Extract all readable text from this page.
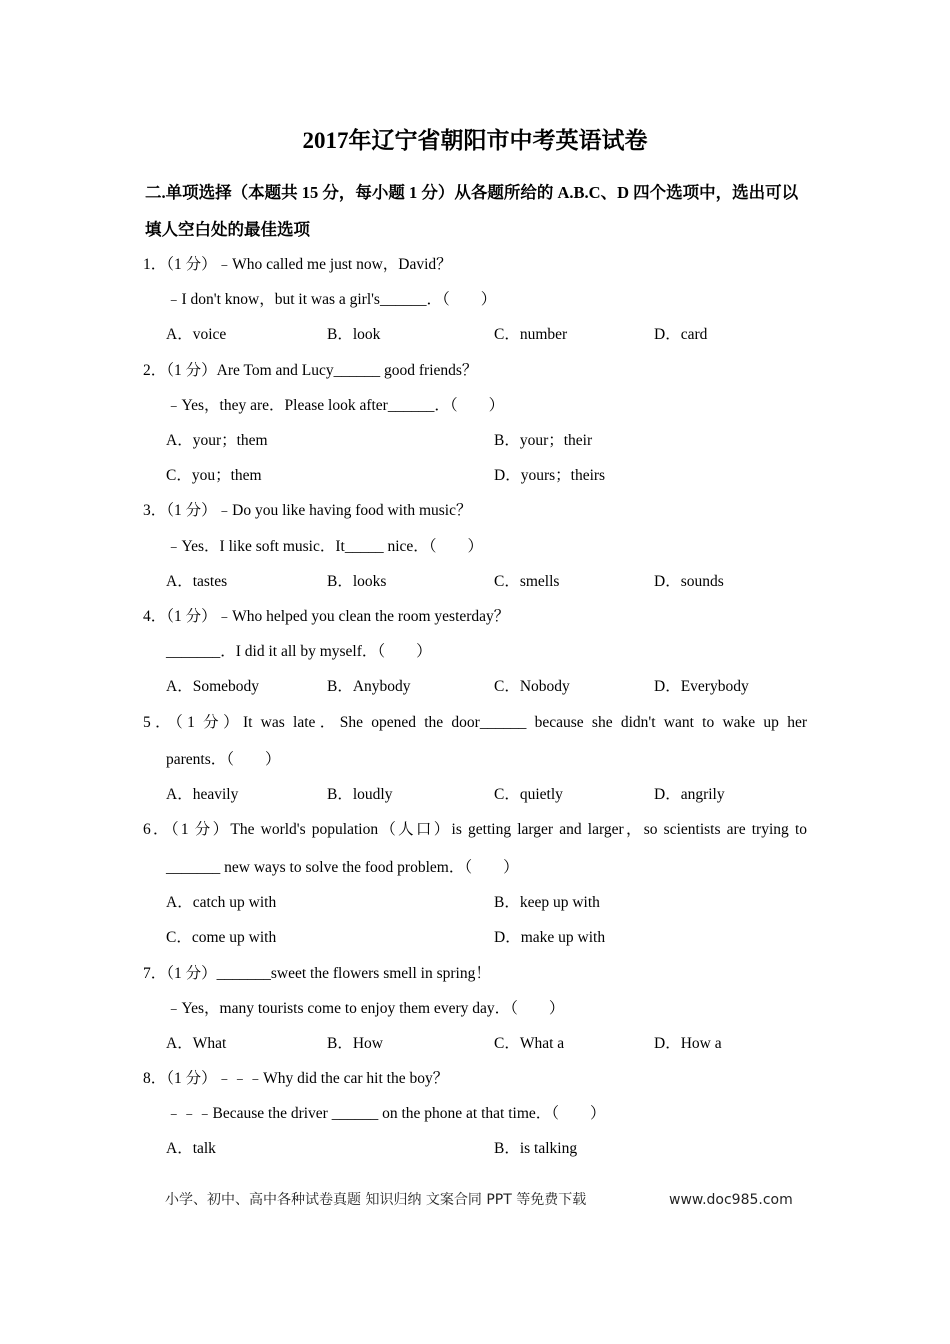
2017年辽宁省朝阳市中考英语试卷
二.单项选择（本题共 15 分，每小题 1 分）从各题所给的 A.B.C、D 四个选项中，选出可以
填人空白处的最佳选项
1．（1 分）﹣Who called me just now，David？
﹣I don't know，but it was a girl's______．（　　）
A．voice	B．look	C．number	D．card
2．（1 分）Are Tom and Lucy______ good friends？
﹣Yes，they are．Please look after______．（　　）
A．your；them	B．your；their
C．you；them	D．yours；theirs
3．（1 分）﹣Do you like having food with music？
﹣Yes．I like soft music．It_____ nice．（　　）
A．tastes	B．looks	C．smells	D．sounds
4．（1 分）﹣Who helped you clean the room yesterday？
_______．I did it all by myself．（　　）
A．Somebody	B．Anybody	C．Nobody	D．Everybody
5．（1 分）It was late．She opened the door______ because she didn't want to wake up her
parents．（　　）
A．heavily	B．loudly	C．quietly	D．angrily
6．（1 分）The world's population（人口）is getting larger and larger，so scientists are trying to
_______ new ways to solve the food problem．（　　）
A．catch up with	B．keep up with
C．come up with	D．make up with
7．（1 分）_______sweet the flowers smell in spring！
﹣Yes，many tourists come to enjoy them every day．（　　）
A．What	B．How	C．What a	D．How a
8．（1 分）﹣﹣﹣Why did the car hit the boy？
﹣﹣﹣Because the driver ______ on the phone at that time．（　　）
A．talk	B．is talking
小学、初中、高中各种试卷真题 知识归纳 文案合同 PPT 等免费下载	www.doc985.com
